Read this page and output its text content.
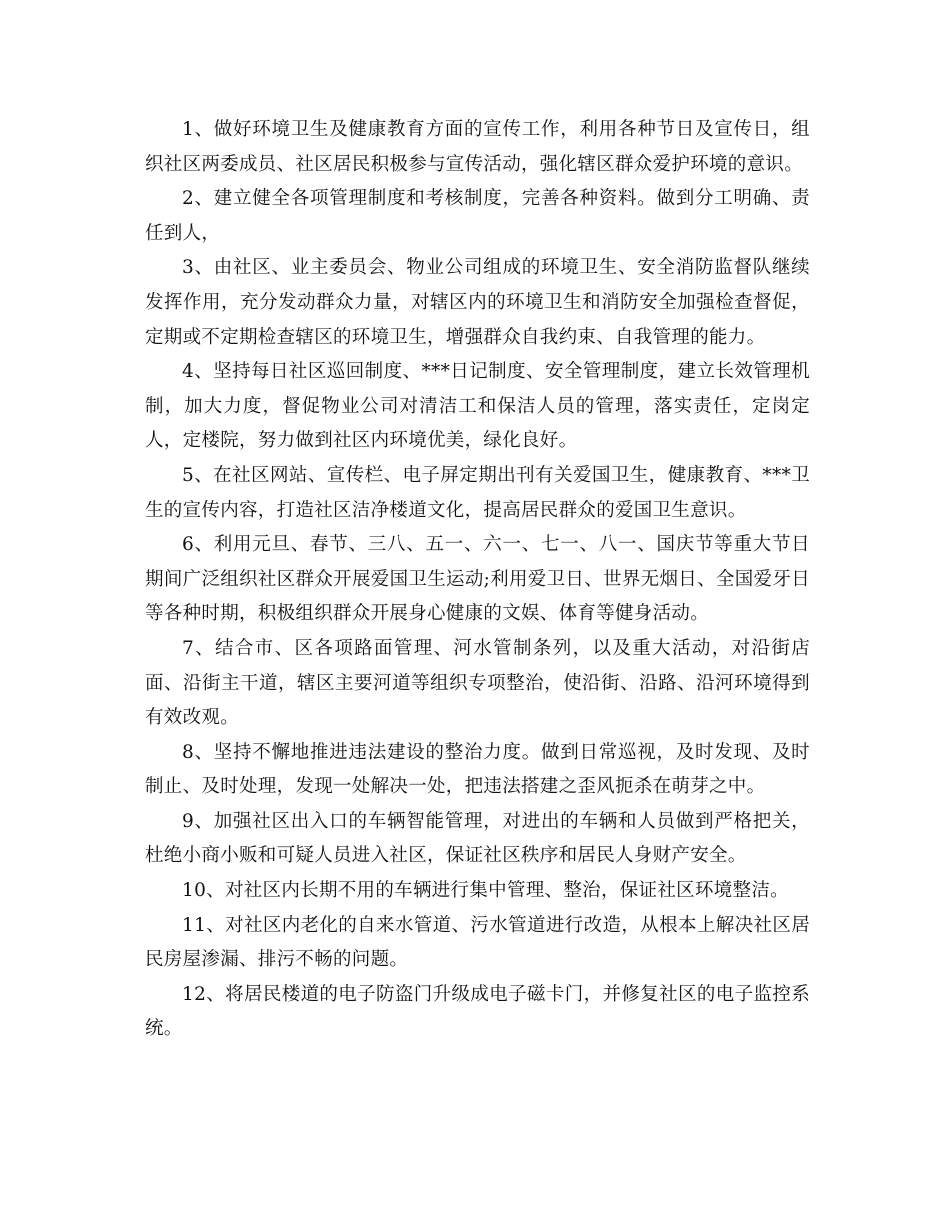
1、做好环境卫生及健康教育方面的宣传工作，利用各种节日及宣传日，组织社区两委成员、社区居民积极参与宣传活动，强化辖区群众爱护环境的意识。

2、建立健全各项管理制度和考核制度，完善各种资料。做到分工明确、责任到人，

3、由社区、业主委员会、物业公司组成的环境卫生、安全消防监督队继续发挥作用，充分发动群众力量，对辖区内的环境卫生和消防安全加强检查督促，定期或不定期检查辖区的环境卫生，增强群众自我约束、自我管理的能力。

4、坚持每日社区巡回制度、***日记制度、安全管理制度，建立长效管理机制，加大力度，督促物业公司对清洁工和保洁人员的管理，落实责任，定岗定人，定楼院，努力做到社区内环境优美，绿化良好。

5、在社区网站、宣传栏、电子屏定期出刊有关爱国卫生，健康教育、***卫生的宣传内容，打造社区洁净楼道文化，提高居民群众的爱国卫生意识。

6、利用元旦、春节、三八、五一、六一、七一、八一、国庆节等重大节日期间广泛组织社区群众开展爱国卫生运动;利用爱卫日、世界无烟日、全国爱牙日等各种时期，积极组织群众开展身心健康的文娱、体育等健身活动。

7、结合市、区各项路面管理、河水管制条列，以及重大活动，对沿街店面、沿街主干道，辖区主要河道等组织专项整治，使沿街、沿路、沿河环境得到有效改观。

8、坚持不懈地推进违法建设的整治力度。做到日常巡视，及时发现、及时制止、及时处理，发现一处解决一处，把违法搭建之歪风扼杀在萌芽之中。

9、加强社区出入口的车辆智能管理，对进出的车辆和人员做到严格把关，杜绝小商小贩和可疑人员进入社区，保证社区秩序和居民人身财产安全。

10、对社区内长期不用的车辆进行集中管理、整治，保证社区环境整洁。

11、对社区内老化的自来水管道、污水管道进行改造，从根本上解决社区居民房屋渗漏、排污不畅的问题。

12、将居民楼道的电子防盗门升级成电子磁卡门，并修复社区的电子监控系统。
